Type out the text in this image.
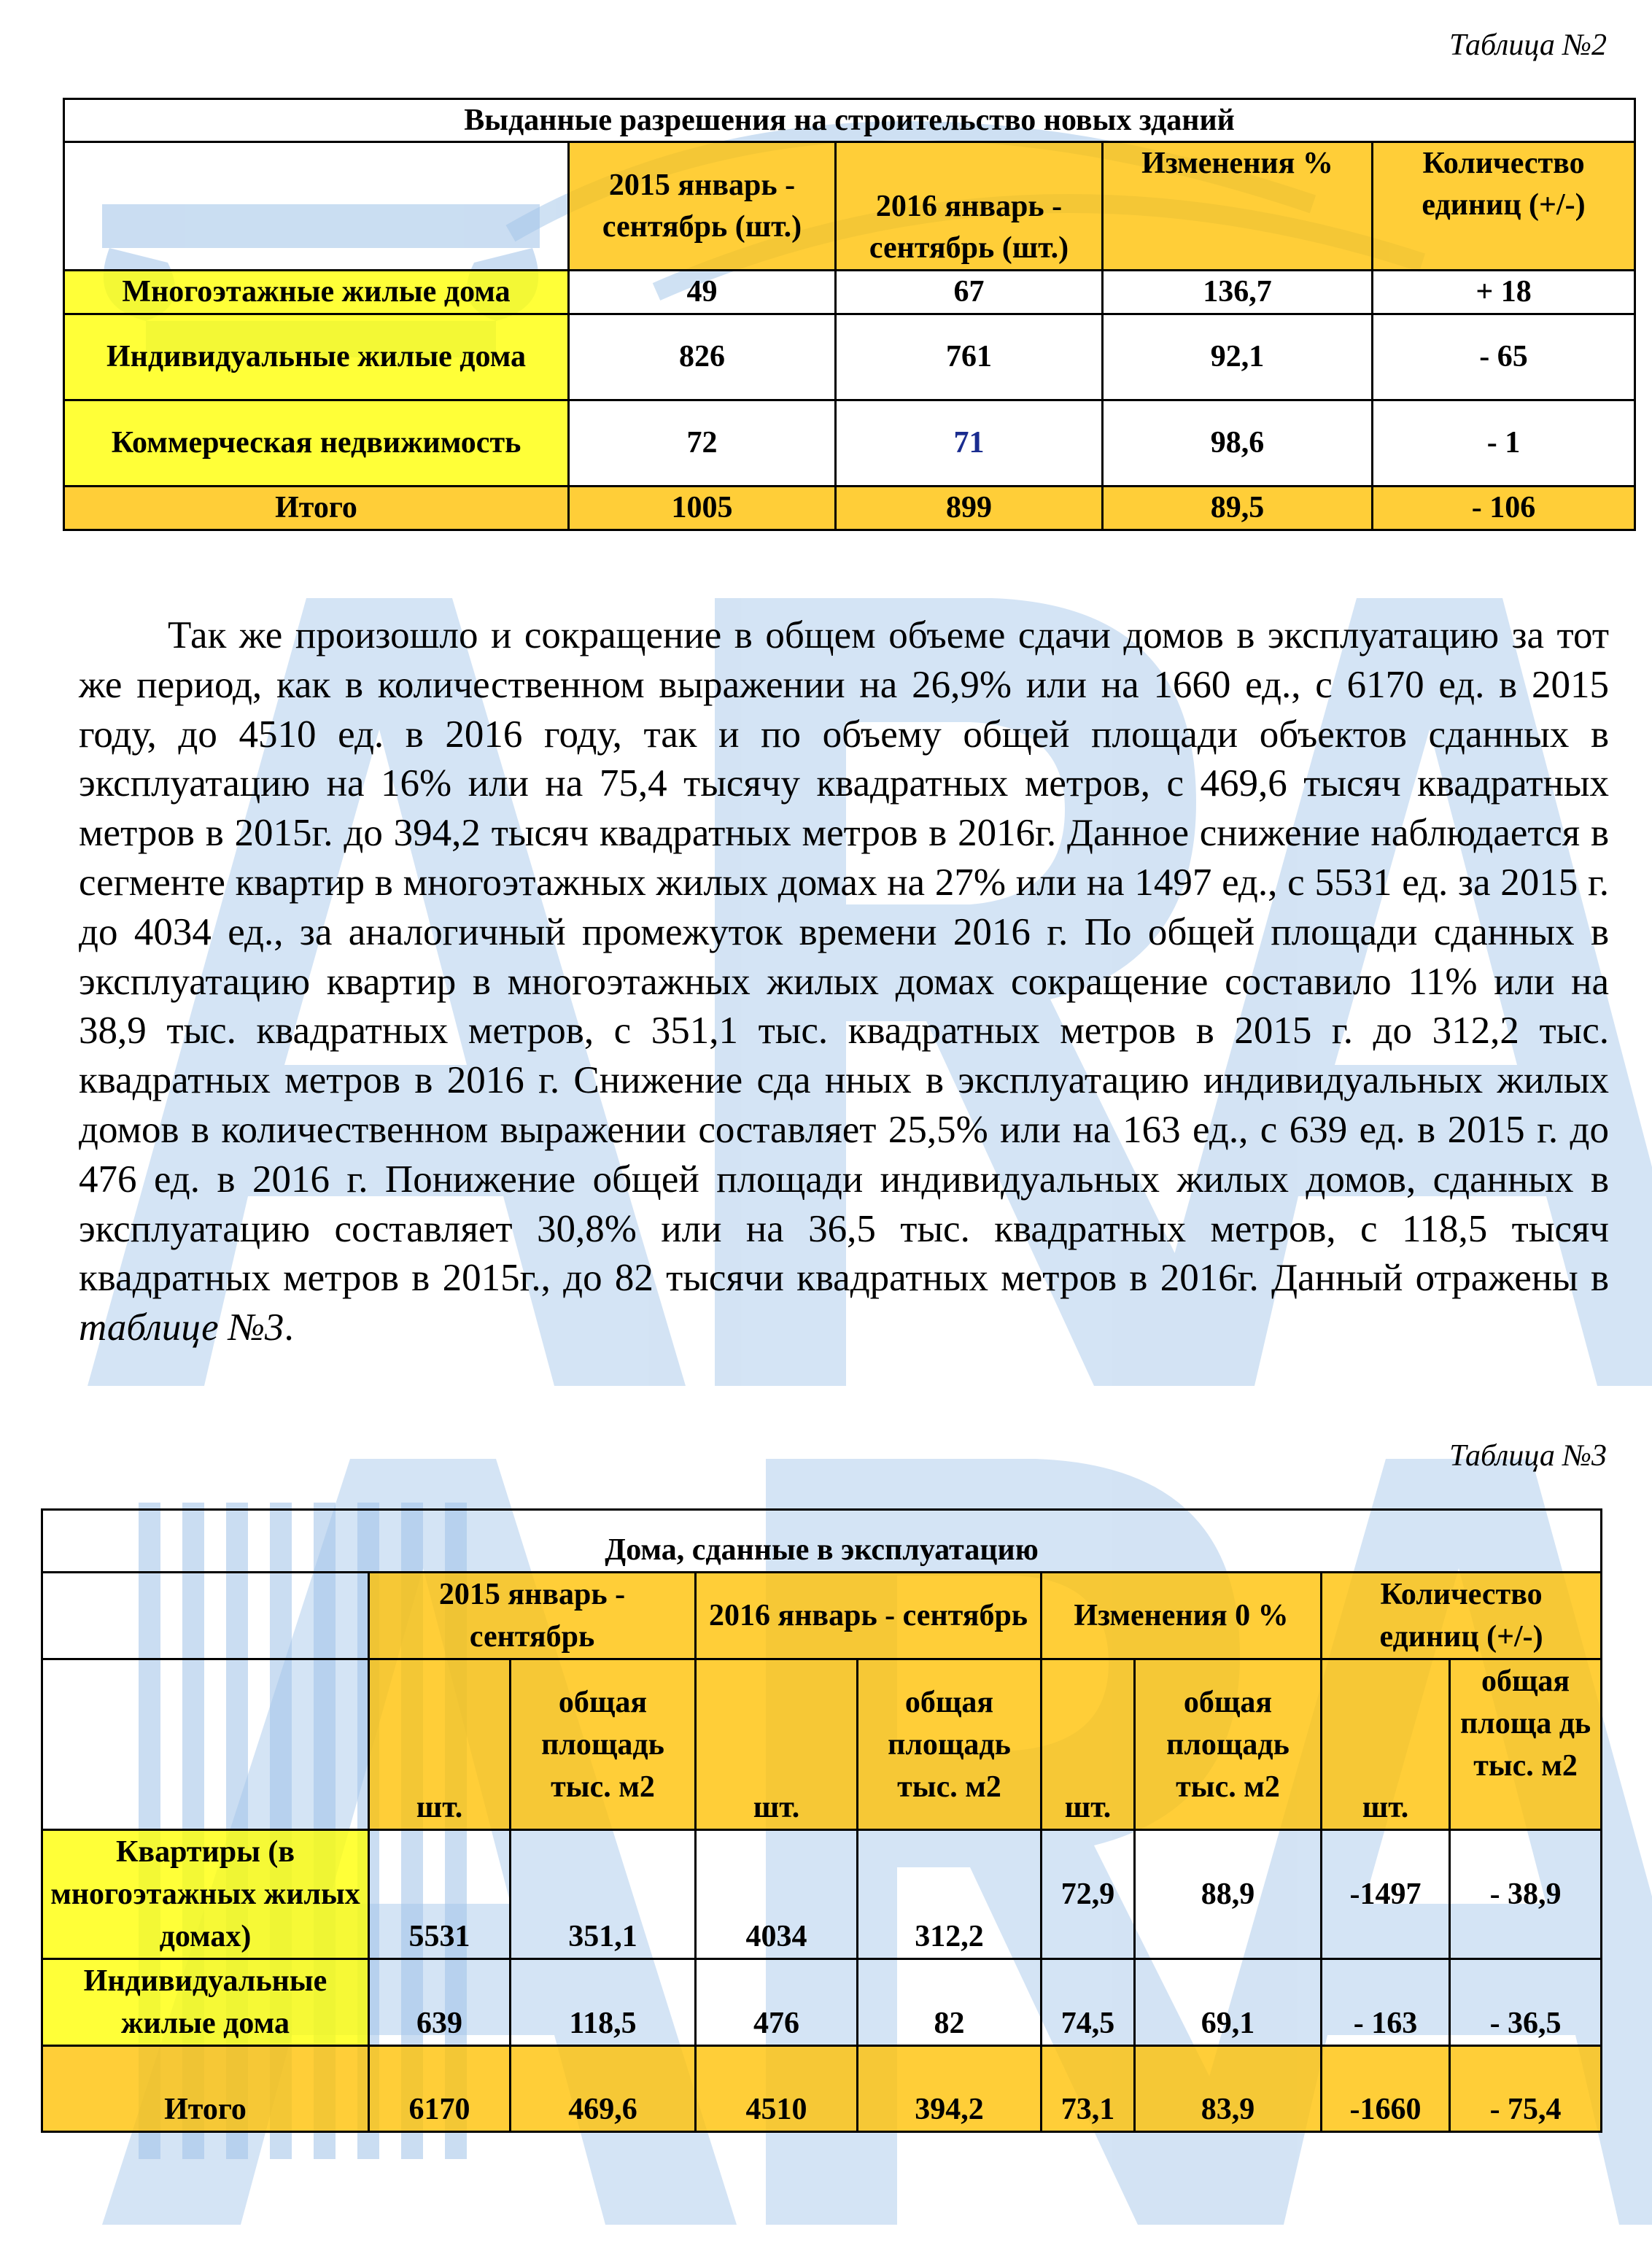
Таблица №2
Выданные разрешения на строительство новых зданий				
	2015 январь - сентябрь (шт.)	2016 январь - сентябрь (шт.)	Изменения %	Количество единиц (+/-)
Многоэтажные жилые дома	49	67	136,7	+ 18
Индивидуальные жилые дома	826	761	92,1	- 65
Коммерческая недвижимость	72	71	98,6	- 1
Итого	1005	899	89,5	- 106

Так же произошло и сокращение в общем объеме сдачи домов в эксплуатацию за тот же период, как в количественном выражении на 26,9% или на 1660 ед., с 6170 ед. в 2015 году, до 4510 ед. в 2016 году, так и по объему общей площади объектов сданных в эксплуатацию на 16% или на 75,4 тысячу квадратных метров, с 469,6 тысяч квадратных метров в 2015г. до 394,2 тысяч квадратных метров в 2016г. Данное снижение наблюдается в сегменте квартир в многоэтажных жилых домах на 27% или на 1497 ед., с 5531 ед. за 2015 г. до 4034 ед., за аналогичный промежуток времени 2016 г. По общей площади сданных в эксплуатацию квартир в многоэтажных жилых домах сокращение составило 11% или на 38,9 тыс. квадратных метров, с 351,1 тыс. квадратных метров в 2015 г. до 312,2 тыс. квадратных метров в 2016 г. Снижение сда нных в эксплуатацию индивидуальных жилых домов в количественном выражении составляет 25,5% или на 163 ед., с 639 ед. в 2015 г. до 476 ед. в 2016 г. Понижение общей площади индивидуальных жилых домов, сданных в эксплуатацию составляет 30,8% или на 36,5 тыс. квадратных метров, с 118,5 тысяч квадратных метров в 2015г., до 82 тысячи квадратных метров в 2016г. Данный отражены в таблице №3.

Таблица №3
Дома, сданные в эксплуатацию								
	2015 январь - сентябрь		2016 январь - сентябрь		Изменения 0 %		Количество единиц (+/-)	
	шт.	общая площадь тыс. м2	шт.	общая площадь тыс. м2	шт.	общая площадь тыс. м2	шт.	общая площа дь тыс. м2
Квартиры (в многоэтажных жилых домах)	5531	351,1	4034	312,2	72,9	88,9	-1497	- 38,9
Индивидуальные жилые дома	639	118,5	476	82	74,5	69,1	- 163	- 36,5
Итого	6170	469,6	4510	394,2	73,1	83,9	-1660	- 75,4
